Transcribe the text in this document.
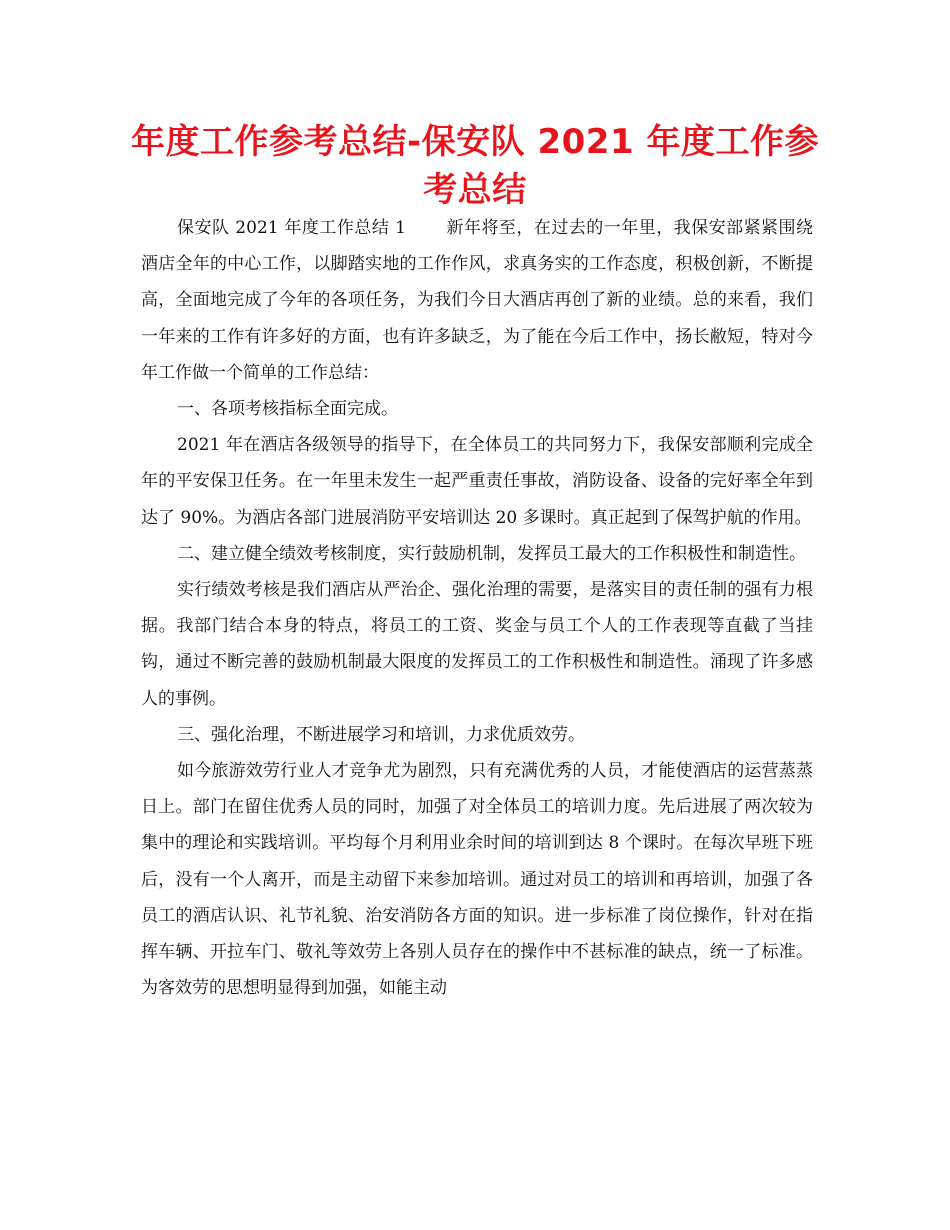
年度工作参考总结-保安队 2021 年度工作参考总结

保安队 2021 年度工作总结 1 新年将至，在过去的一年里，我保安部紧紧围绕酒店全年的中心工作，以脚踏实地的工作作风，求真务实的工作态度，积极创新，不断提高，全面地完成了今年的各项任务，为我们今日大酒店再创了新的业绩。总的来看，我们一年来的工作有许多好的方面，也有许多缺乏，为了能在今后工作中，扬长敝短，特对今年工作做一个简单的工作总结：

一、各项考核指标全面完成。

2021 年在酒店各级领导的指导下，在全体员工的共同努力下，我保安部顺利完成全年的平安保卫任务。在一年里未发生一起严重责任事故，消防设备、设备的完好率全年到达了 90%。为酒店各部门进展消防平安培训达 20 多课时。真正起到了保驾护航的作用。

二、建立健全绩效考核制度，实行鼓励机制，发挥员工最大的工作积极性和制造性。

实行绩效考核是我们酒店从严治企、强化治理的需要，是落实目的责任制的强有力根据。我部门结合本身的特点，将员工的工资、奖金与员工个人的工作表现等直截了当挂钩，通过不断完善的鼓励机制最大限度的发挥员工的工作积极性和制造性。涌现了许多感人的事例。

三、强化治理，不断进展学习和培训，力求优质效劳。

如今旅游效劳行业人才竞争尤为剧烈，只有充满优秀的人员，才能使酒店的运营蒸蒸日上。部门在留住优秀人员的同时，加强了对全体员工的培训力度。先后进展了两次较为集中的理论和实践培训。平均每个月利用业余时间的培训到达 8 个课时。在每次早班下班后，没有一个人离开，而是主动留下来参加培训。通过对员工的培训和再培训，加强了各员工的酒店认识、礼节礼貌、治安消防各方面的知识。进一步标准了岗位操作，针对在指挥车辆、开拉车门、敬礼等效劳上各别人员存在的操作中不甚标准的缺点，统一了标准。为客效劳的思想明显得到加强，如能主动
